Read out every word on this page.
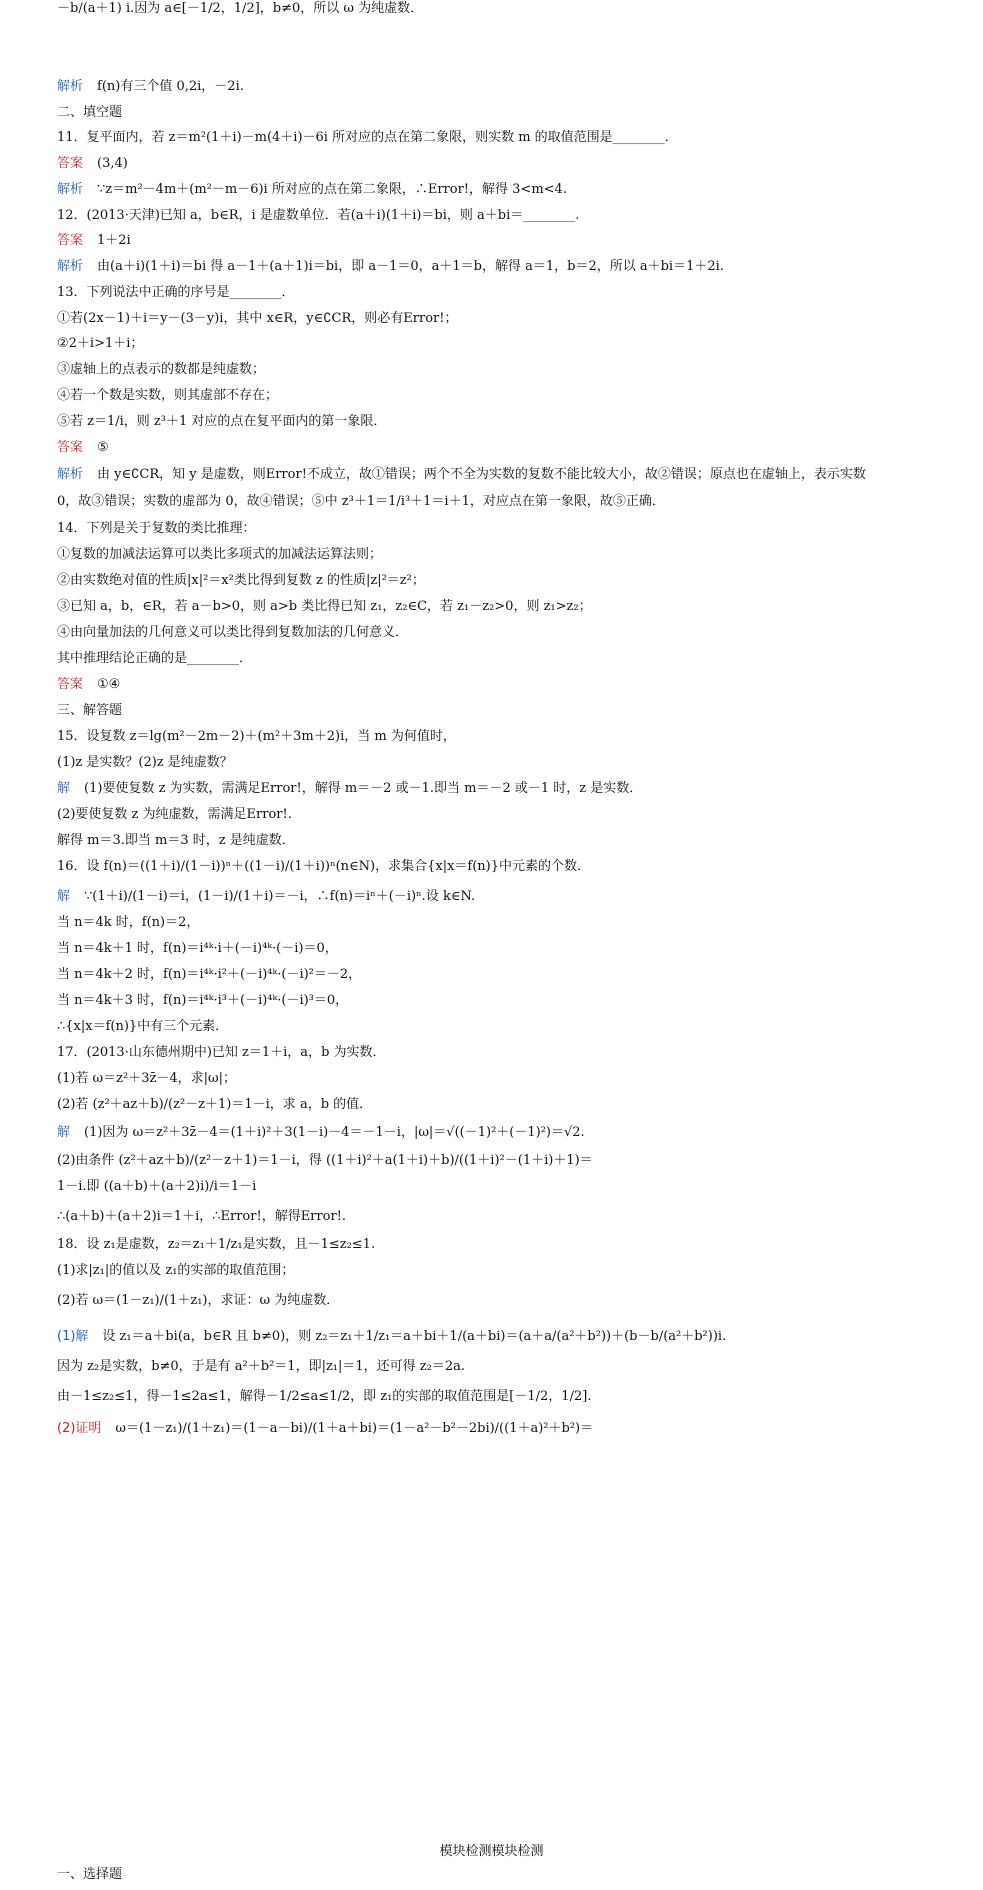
解析 f(n)有三个值 0,2i，－2i.
二、填空题
11．复平面内，若 z＝m²(1＋i)－m(4＋i)－6i 所对应的点在第二象限，则实数 m 的取值范围是________．
答案 (3,4)
解析 ∵z＝m²－4m＋(m²－m－6)i 所对应的点在第二象限，∴Error!，解得 3<m<4.
12．(2013·天津)已知 a，b∈R，i 是虚数单位．若(a＋i)(1＋i)＝bi，则 a＋bi＝________.
答案 1＋2i
解析 由(a＋i)(1＋i)＝bi 得 a－1＋(a＋1)i＝bi，即 a－1＝0，a＋1＝b，解得 a＝1，b＝2，所以 a＋bi＝1＋2i.
13．下列说法中正确的序号是________．
①若(2x－1)＋i＝y－(3－y)i，其中 x∈R，y∈∁CR，则必有Error!；
②2＋i>1＋i；
③虚轴上的点表示的数都是纯虚数；
④若一个数是实数，则其虚部不存在；
⑤若 z＝1/i，则 z³＋1 对应的点在复平面内的第一象限．
答案 ⑤
解析 由 y∈∁CR，知 y 是虚数，则Error!不成立，故①错误；两个不全为实数的复数不能比较大小，故②错误；原点也在虚轴上，表示实数
0，故③错误；实数的虚部为 0，故④错误；⑤中 z³＋1＝1/i³＋1＝i＋1，对应点在第一象限，故⑤正确．
14．下列是关于复数的类比推理：
①复数的加减法运算可以类比多项式的加减法运算法则；
②由实数绝对值的性质|x|²＝x²类比得到复数 z 的性质|z|²＝z²；
③已知 a，b，∈R，若 a－b>0，则 a>b 类比得已知 z₁，z₂∈C，若 z₁－z₂>0，则 z₁>z₂；
④由向量加法的几何意义可以类比得到复数加法的几何意义．
其中推理结论正确的是________．
答案 ①④
三、解答题
15．设复数 z＝lg(m²－2m－2)＋(m²＋3m＋2)i，当 m 为何值时，
(1)z 是实数？(2)z 是纯虚数？
解 (1)要使复数 z 为实数，需满足Error!，解得 m＝－2 或－1.即当 m＝－2 或－1 时，z 是实数．
(2)要使复数 z 为纯虚数，需满足Error!.
解得 m＝3.即当 m＝3 时，z 是纯虚数．
16．设 f(n)＝((1＋i)/(1－i))ⁿ＋((1－i)/(1＋i))ⁿ(n∈N)，求集合{x|x＝f(n)}中元素的个数．
解 ∵(1＋i)/(1－i)＝i，(1－i)/(1＋i)＝－i，∴f(n)＝iⁿ＋(－i)ⁿ.设 k∈N.
当 n＝4k 时，f(n)＝2，
当 n＝4k＋1 时，f(n)＝i⁴ᵏ·i＋(－i)⁴ᵏ·(－i)＝0，
当 n＝4k＋2 时，f(n)＝i⁴ᵏ·i²＋(－i)⁴ᵏ·(－i)²＝－2，
当 n＝4k＋3 时，f(n)＝i⁴ᵏ·i³＋(－i)⁴ᵏ·(－i)³＝0，
∴{x|x＝f(n)}中有三个元素．
17．(2013·山东德州期中)已知 z＝1＋i，a，b 为实数．
(1)若 ω＝z²＋3z̄－4，求|ω|；
(2)若 (z²＋az＋b)/(z²－z＋1)＝1－i，求 a，b 的值．
解 (1)因为 ω＝z²＋3z̄－4＝(1＋i)²＋3(1－i)－4＝－1－i，|ω|＝√((－1)²＋(－1)²)＝√2.
(2)由条件 (z²＋az＋b)/(z²－z＋1)＝1－i，得 ((1＋i)²＋a(1＋i)＋b)/((1＋i)²－(1＋i)＋1)＝
1－i.即 ((a＋b)＋(a＋2)i)/i＝1－i
∴(a＋b)＋(a＋2)i＝1＋i，∴Error!，解得Error!.
18．设 z₁是虚数，z₂＝z₁＋1/z₁是实数，且－1≤z₂≤1.
(1)求|z₁|的值以及 z₁的实部的取值范围；
(2)若 ω＝(1－z₁)/(1＋z₁)，求证：ω 为纯虚数．
(1)解 设 z₁＝a＋bi(a，b∈R 且 b≠0)，则 z₂＝z₁＋1/z₁＝a＋bi＋1/(a＋bi)＝(a＋a/(a²＋b²))＋(b－b/(a²＋b²))i.
因为 z₂是实数，b≠0，于是有 a²＋b²＝1，即|z₁|＝1，还可得 z₂＝2a.
由－1≤z₂≤1，得－1≤2a≤1，解得－1/2≤a≤1/2，即 z₁的实部的取值范围是[－1/2，1/2].
(2)证明 ω＝(1－z₁)/(1＋z₁)＝(1－a－bi)/(1＋a＋bi)＝(1－a²－b²－2bi)/((1＋a)²＋b²)＝
－b/(a＋1) i.因为 a∈[－1/2，1/2]，b≠0，所以 ω 为纯虚数．
模块检测模块检测
一、选择题
